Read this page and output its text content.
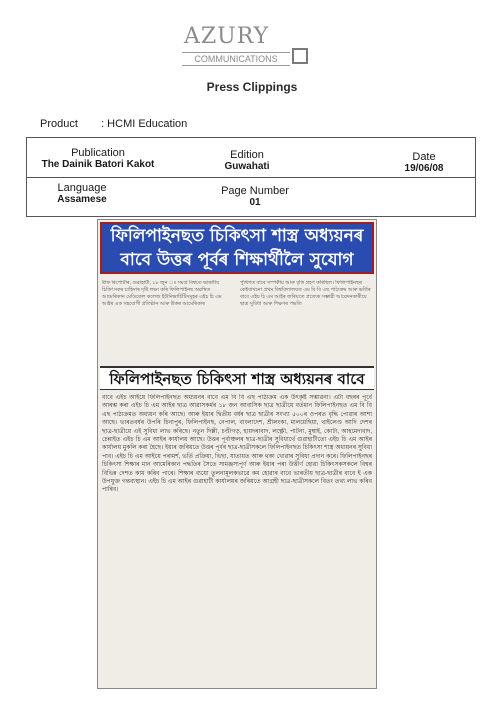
AZURY
COMMUNICATIONS
Press Clippings
Product : HCMI Education
Publication
The Dainik Batori Kakot
Edition
Guwahati
Date
19/06/08
Language
Assamese
Page Number
01
ফিলিপাইনছত চিকিৎসা শাস্ত্র অধ্যয়নৰ বাবে উত্তৰ পূৰ্বৰ শিক্ষাৰ্থীলৈ সুযোগ
ষ্টাফ ৰিপোৰ্টাৰ, গুৱাহাটী, ১৮ জুন ঃ সমগ্ৰ বিশ্বতে ভাৰতীয় চিকিৎসকৰ চাহিদাৰ দৃষ্টি লক্ষ্য কৰি ফিলিপাইনছ অৱস্থিত আমেৰিকান মেডিকেল কলেজ ইউনিভাৰ্চিটিসমূহৰ এইচ চি এম আইৰ এক সহযোগী প্ৰতিষ্ঠান আৰু উত্তৰ আমেৰিকাৰ
পুথিগত বাবে সম্পৰ্কীয় আৰু বৃত্তি গ্ৰহণ কৰিছিল। ফিলিপাইনছৰ কেইবাখনো প্ৰথম বিশ্ববিদ্যালয়ত এম বি বি এছ পাঠ্যক্ৰম আৰু ভৰ্তিৰ বাবে এইচ চি এম আইৰ জৰিয়তে প্ৰত্যেক সম্ভাৱী আৱেদনকাৰীয়ে ছাত্ৰ সুবিধা আৰু শিক্ষণৰ পদ্ধতি
ফিলিপাইনছত চিকিৎসা শাস্ত্র অধ্যয়নৰ বাবে
বাবে এইচ আইয়ে ফিলিপাইনছত অধ্যয়নৰ বাবে এম বি বি এছ পাঠ্যক্ৰম এক উৎকৃষ্ট সম্ভাৱনা। এটা বছৰৰ পূৰ্বে আৰম্ভ কৰা এইচ চি এম আইৰ ছাত্ৰ আৱাসকৰ্মৰ ১৮ জন আবাসিক ছাত্ৰ ছাত্ৰীয়ে বৰ্তমান ফিলিপাইনছত এম বি বি এছ পাঠ্যক্ৰমত অধ্যয়ন কৰি আছে। আৰু ইয়াৰ দ্বিতীয় বৰ্ষৰ ছাত্ৰ ছাত্ৰীৰ সংখ্যা ৫০০ৰ ওপৰত বৃদ্ধি পোৱাৰ আশা আছে। ভাৰতবৰ্ষৰ উপৰি চিনাপুৰ, ফিলিপাইনছ, নেপাল, বাংলাদেশ, শ্ৰীলংকা, মালয়েছিয়া, থাইলেণ্ড আদি দেশৰ ছাত্ৰ-ছাত্ৰীয়ে এই সুবিধা লাভ কৰিছে। নতুন দিল্লী, চণ্ডীগড়, হায়দৰাবাদ, লক্ষ্ণৌ, পাটনা, মুম্বাই, কোটা, আহমেদাবাদ, চেন্নাইত এইচ চি এম আইৰ কাৰ্যালয় আছে। উত্তৰ পূৰ্বাঞ্চলৰ ছাত্ৰ-ছাত্ৰীৰ সুবিধাৰ্থে গুৱাহাটীতো এইচ চি এম আইৰ কাৰ্যালয় মুকলি কৰা হৈছে। ইয়াৰ জৰিয়তে উত্তৰ পূৰ্বৰ ছাত্ৰ-ছাত্ৰীসকলে ফিলিপাইনছত চিকিৎসা শাস্ত্ৰ অধ্যয়নৰ সুবিধা পাব। এইচ চি এম আইয়ে পৰামৰ্শ, ভৰ্তি প্ৰক্ৰিয়া, ভিছা, যাতায়ত আৰু থকা খোৱাৰ সুবিধা প্ৰদান কৰে। ফিলিপাইনছৰ চিকিৎসা শিক্ষাৰ মান আমেৰিকান পদ্ধতিৰ সৈতে সামঞ্জস্যপূৰ্ণ আৰু ইয়াৰ পৰা উত্তীৰ্ণ হোৱা চিকিৎসকসকলে বিশ্বৰ বিভিন্ন দেশত কাম কৰিব পাৰে। শিক্ষাৰ ব্যয়ো তুলনামূলকভাৱে কম হোৱাৰ বাবে ভাৰতীয় ছাত্ৰ-ছাত্ৰীৰ বাবে ই এক উপযুক্ত গন্তব্যস্থান। এইচ চি এম আইৰ গুৱাহাটী কাৰ্যালয়ৰ জৰিয়তে আগ্ৰহী ছাত্ৰ-ছাত্ৰীসকলে বিতং তথ্য লাভ কৰিব পাৰিব।
